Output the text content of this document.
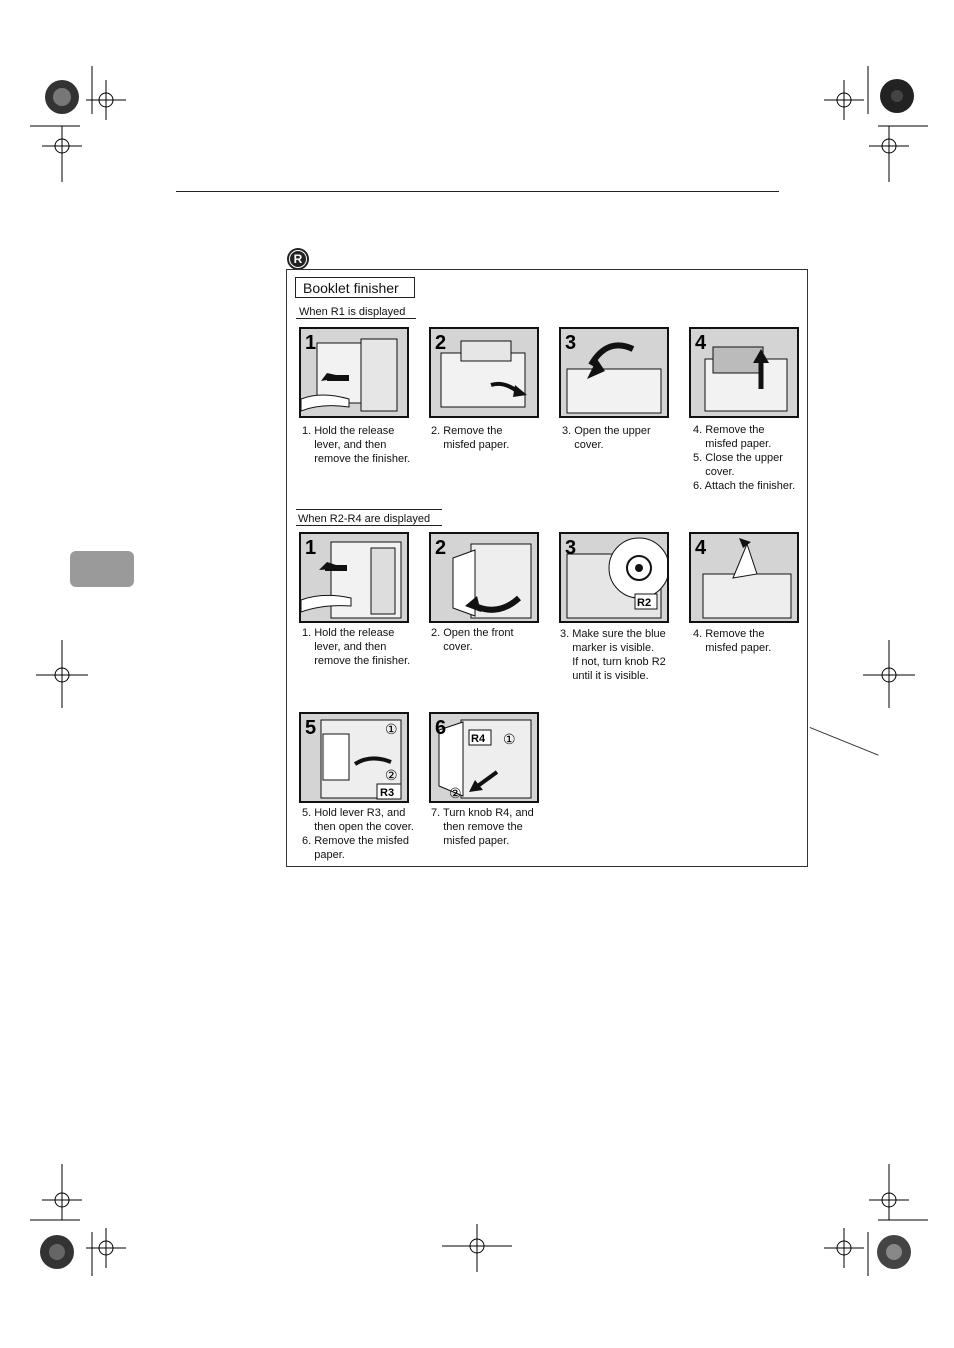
R
Booklet finisher
When R1 is displayed
1	2	3	4
1. Hold the release
lever, and then
remove the finisher.
2. Remove the
misfed paper.
3. Open the upper
cover.
4. Remove the
misfed paper.
5. Close the upper
cover.
6. Attach the finisher.
When R2-R4 are displayed
1	2
R2
3	4
1. Hold the release
lever, and then
remove the finisher.
2. Open the front
cover.
3. Make sure the blue
marker is visible.
If not, turn knob R2
until it is visible.
4. Remove the
misfed paper.
①
②
R3
5	R4 ①
②
6
5. Hold lever R3, and
then open the cover.
6. Remove the misfed
paper.
7. Turn knob R4, and
then remove the
misfed paper.
